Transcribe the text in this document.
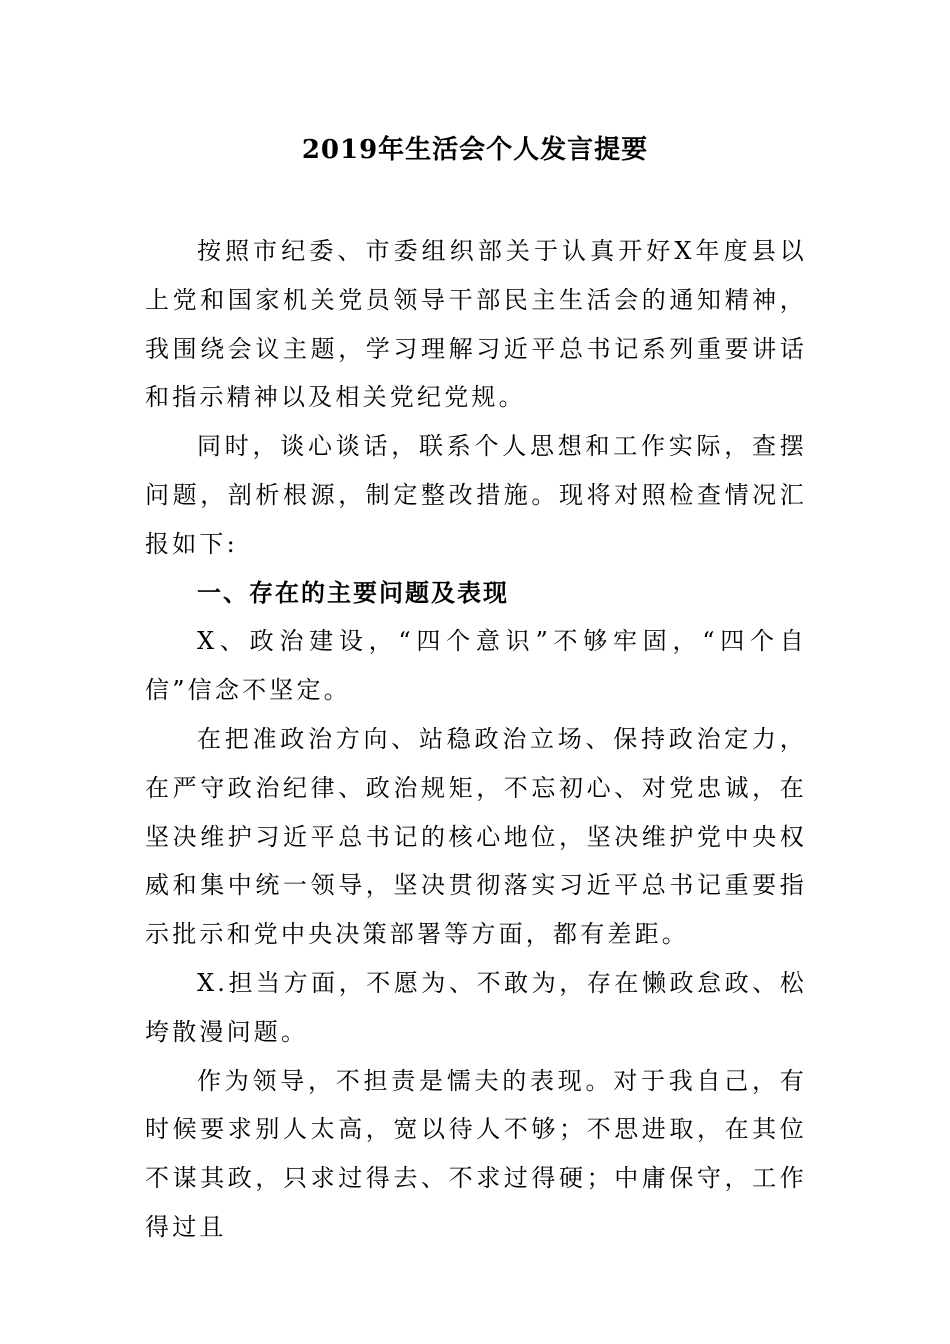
2019年生活会个人发言提要

按照市纪委、市委组织部关于认真开好X年度县以上党和国家机关党员领导干部民主生活会的通知精神，我围绕会议主题，学习理解习近平总书记系列重要讲话和指示精神以及相关党纪党规。

同时，谈心谈话，联系个人思想和工作实际，查摆问题，剖析根源，制定整改措施。现将对照检查情况汇报如下:

一、存在的主要问题及表现

X、政治建设，“四个意识”不够牢固，“四个自信”信念不坚定。

在把准政治方向、站稳政治立场、保持政治定力，在严守政治纪律、政治规矩，不忘初心、对党忠诚，在坚决维护习近平总书记的核心地位，坚决维护党中央权威和集中统一领导，坚决贯彻落实习近平总书记重要指示批示和党中央决策部署等方面，都有差距。

X.担当方面，不愿为、不敢为，存在懒政怠政、松垮散漫问题。

作为领导，不担责是懦夫的表现。对于我自己，有时候要求别人太高，宽以待人不够；不思进取，在其位不谋其政，只求过得去、不求过得硬；中庸保守，工作得过且
